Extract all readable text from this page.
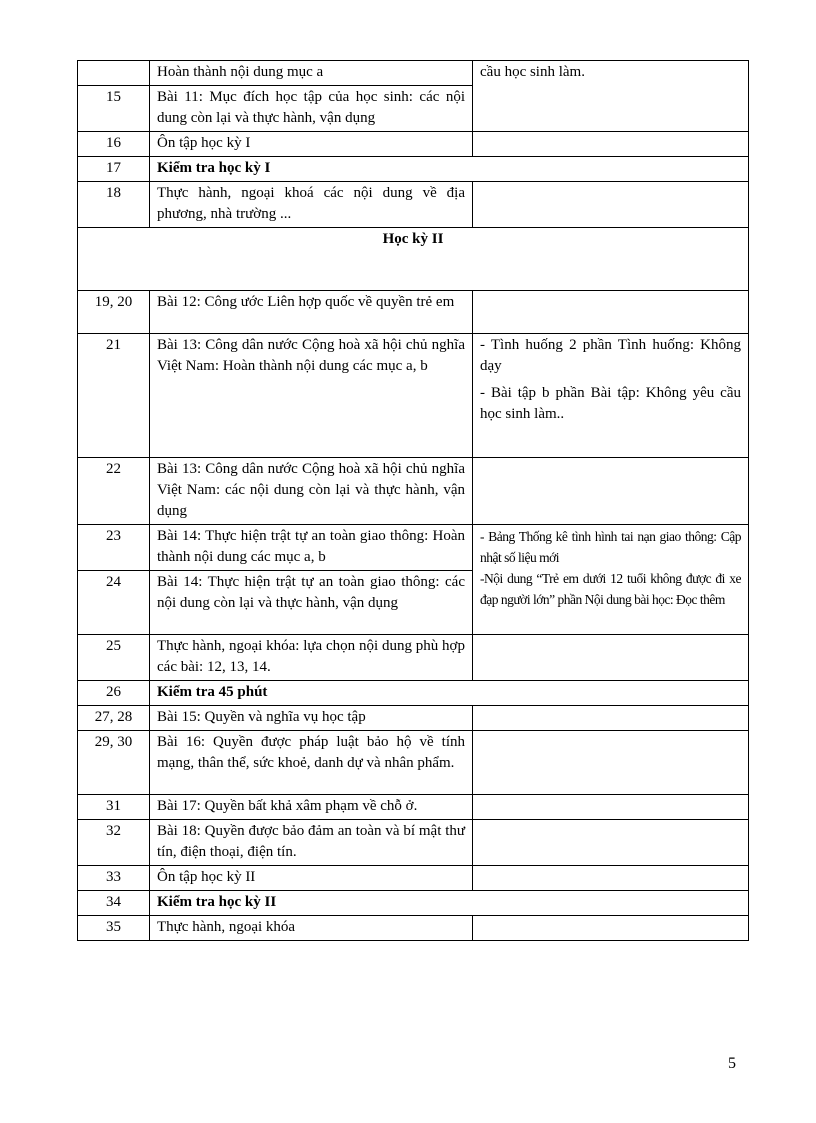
	Hoàn thành nội dung mục a	cầu học sinh làm.

15	Bài 11: Mục đích học tập của học sinh: các nội dung còn lại và thực hành, vận dụng	
16	Ôn tập học kỳ I	
17	Kiểm tra học kỳ I	
18	Thực hành, ngoại khoá các nội dung về địa phương, nhà trường ...	
Học kỳ II		
19, 20	Bài 12: Công ước Liên hợp quốc về quyền trẻ em	
21	Bài 13: Công dân nước Cộng hoà xã hội chủ nghĩa Việt Nam: Hoàn thành nội dung các mục a, b	- Tình huống 2 phần Tình huống: Không dạy

- Bài tập b phần Bài tập: Không yêu cầu học sinh làm..

22	Bài 13: Công dân nước Cộng hoà xã hội chủ nghĩa Việt Nam: các nội dung còn lại và thực hành, vận dụng	
23	Bài 14: Thực hiện trật tự an toàn giao thông: Hoàn thành nội dung các mục a, b	- Bảng Thống kê tình hình tai nạn giao thông: Cập nhật số liệu mới

-Nội dung “Trẻ em dưới 12 tuổi không được đi xe đạp người lớn” phần Nội dung bài học: Đọc thêm

24	Bài 14: Thực hiện trật tự an toàn giao thông: các nội dung còn lại và thực hành, vận dụng	
25	Thực hành, ngoại khóa: lựa chọn nội dung phù hợp các bài: 12, 13, 14.	
26	Kiểm tra 45 phút	
27, 28	Bài 15: Quyền và nghĩa vụ học tập	
29, 30	Bài 16: Quyền được pháp luật bảo hộ về tính mạng, thân thể, sức khoẻ, danh dự và nhân phẩm.	
31	Bài 17: Quyền bất khả xâm phạm về chỗ ở.	
32	Bài 18: Quyền được bảo đảm an toàn và bí mật thư tín, điện thoại, điện tín.	
33	Ôn tập học kỳ II	
34	Kiểm tra học kỳ II	
35	Thực hành, ngoại khóa	
5
